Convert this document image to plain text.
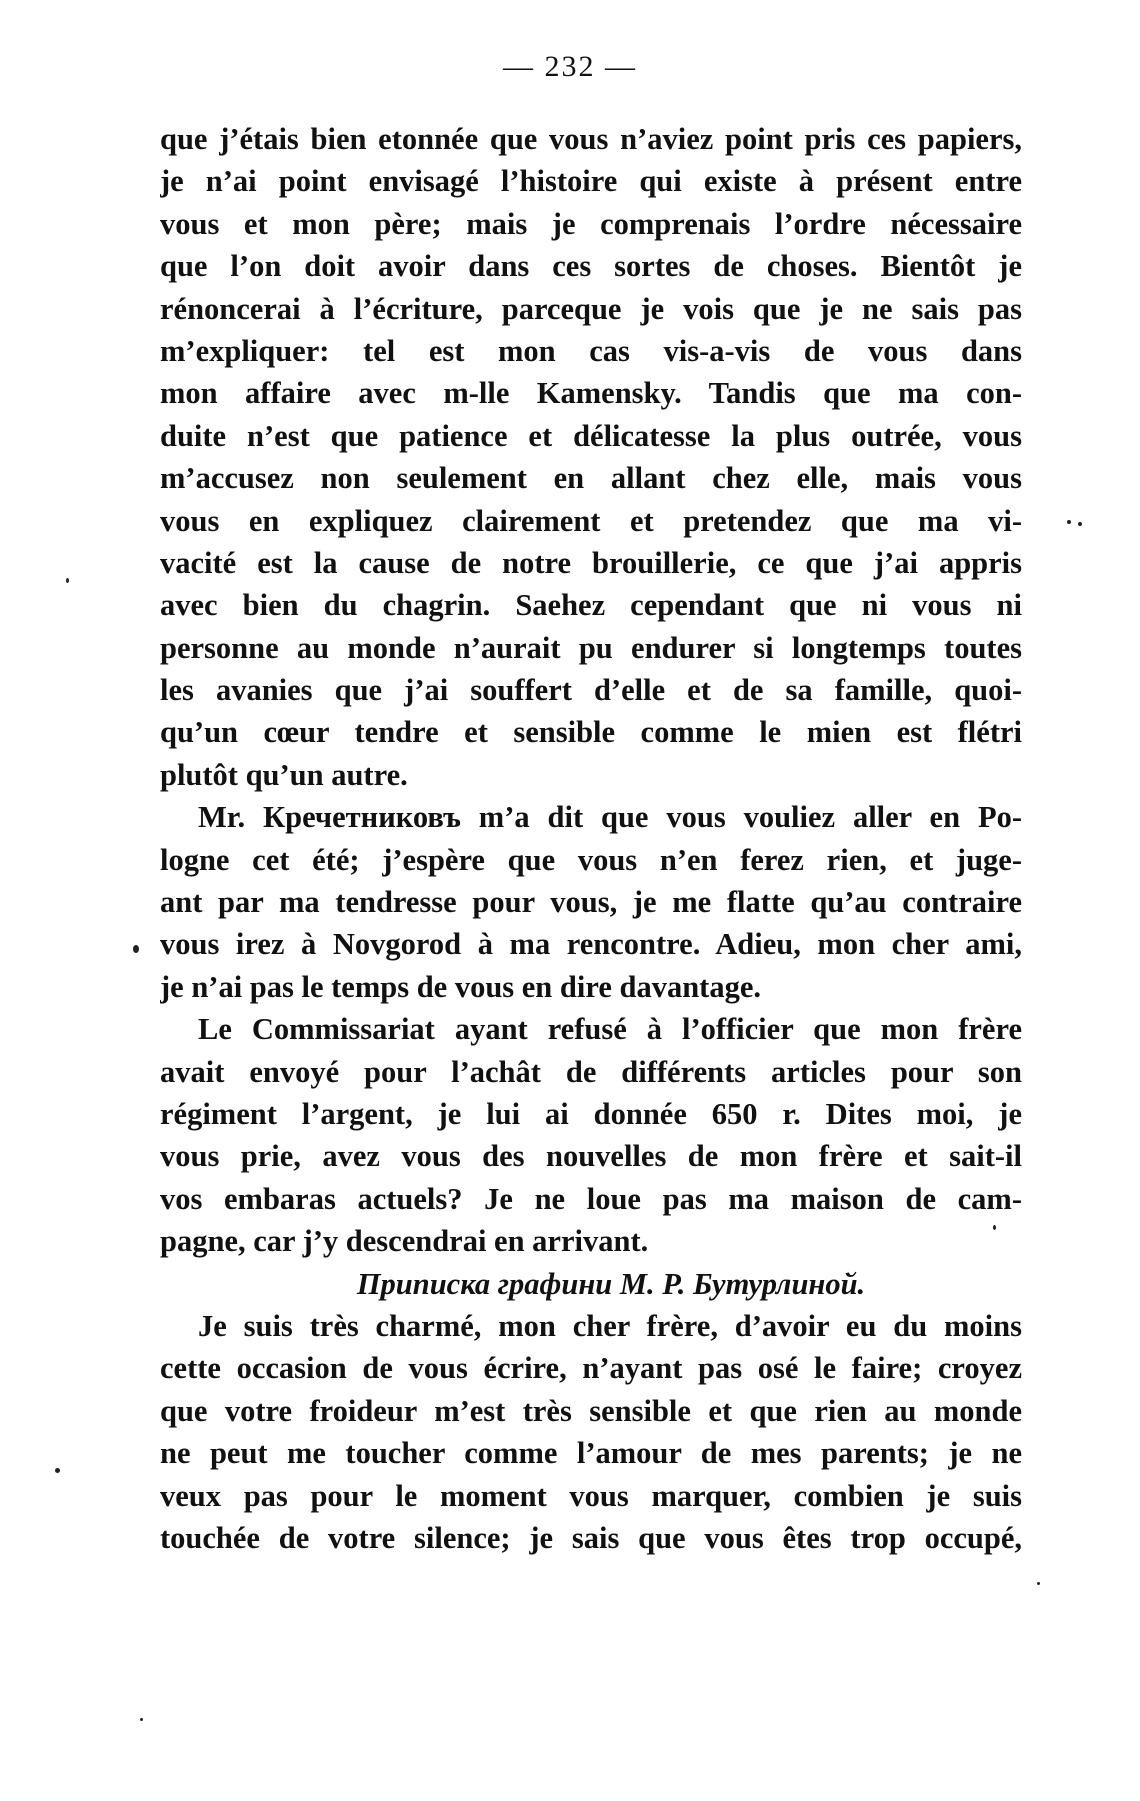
— 232 —
que j’étais bien etonnée que vous n’aviez point pris ces papiers,
je n’ai point envisagé l’histoire qui existe à présent entre
vous et mon père; mais je comprenais l’ordre nécessaire
que l’on doit avoir dans ces sortes de choses. Bientôt je
rénoncerai à l’écriture, parceque je vois que je ne sais pas
m’expliquer: tel est mon cas vis-a-vis de vous dans
mon affaire avec m-lle Kamensky. Tandis que ma con-
duite n’est que patience et délicatesse la plus outrée, vous
m’accusez non seulement en allant chez elle, mais vous
vous en expliquez clairement et pretendez que ma vi-
vacité est la cause de notre brouillerie, ce que j’ai appris
avec bien du chagrin. Saehez cependant que ni vous ni
personne au monde n’aurait pu endurer si longtemps toutes
les avanies que j’ai souffert d’elle et de sa famille, quoi-
qu’un cœur tendre et sensible comme le mien est flétri
plutôt qu’un autre.
Mr. Кречетниковъ m’a dit que vous vouliez aller en Po-
logne cet été; j’espère que vous n’en ferez rien, et juge-
ant par ma tendresse pour vous, je me flatte qu’au contraire
vous irez à Novgorod à ma rencontre. Adieu, mon cher ami,
je n’ai pas le temps de vous en dire davantage.
Le Commissariat ayant refusé à l’officier que mon frère
avait envoyé pour l’achât de différents articles pour son
régiment l’argent, je lui ai donnée 650 r. Dites moi, je
vous prie, avez vous des nouvelles de mon frère et sait-il
vos embaras actuels? Je ne loue pas ma maison de cam-
pagne, car j’y descendrai en arrivant.
Приписка графини М. Р. Бутурлиной.
Je suis très charmé, mon cher frère, d’avoir eu du moins
cette occasion de vous écrire, n’ayant pas osé le faire; croyez
que votre froideur m’est très sensible et que rien au monde
ne peut me toucher comme l’amour de mes parents; je ne
veux pas pour le moment vous marquer, combien je suis
touchée de votre silence; je sais que vous êtes trop occupé,
